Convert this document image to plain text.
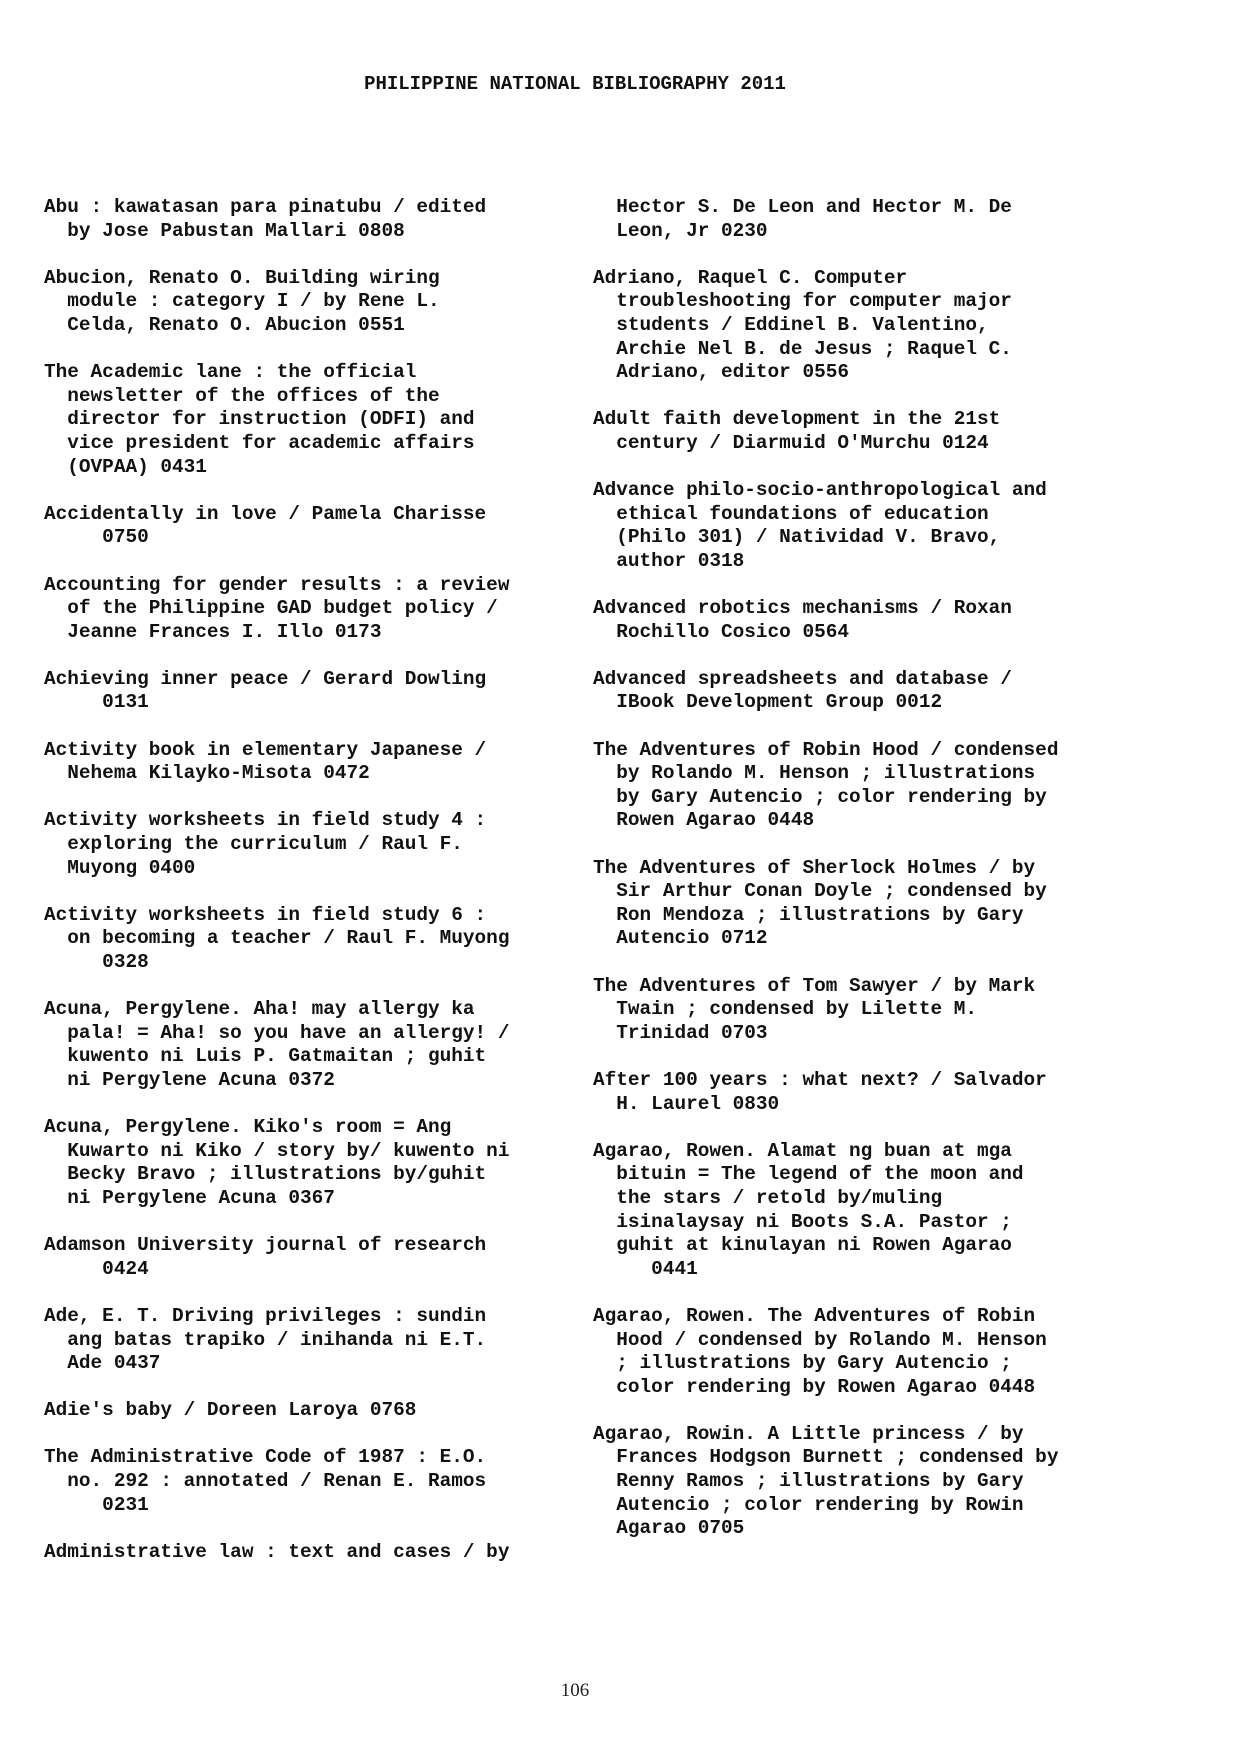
PHILIPPINE NATIONAL BIBLIOGRAPHY 2011
Abu : kawatasan para pinatubu / edited
by Jose Pabustan Mallari 0808
Abucion, Renato O. Building wiring
module : category I / by Rene L.
Celda, Renato O. Abucion 0551
The Academic lane : the official
newsletter of the offices of the
director for instruction (ODFI) and
vice president for academic affairs
(OVPAA) 0431
Accidentally in love / Pamela Charisse
0750
Accounting for gender results : a review
of the Philippine GAD budget policy /
Jeanne Frances I. Illo 0173
Achieving inner peace / Gerard Dowling
0131
Activity book in elementary Japanese /
Nehema Kilayko-Misota 0472
Activity worksheets in field study 4 :
exploring the curriculum / Raul F.
Muyong 0400
Activity worksheets in field study 6 :
on becoming a teacher / Raul F. Muyong
0328
Acuna, Pergylene. Aha! may allergy ka
pala! = Aha! so you have an allergy! /
kuwento ni Luis P. Gatmaitan ; guhit
ni Pergylene Acuna 0372
Acuna, Pergylene. Kiko's room = Ang
Kuwarto ni Kiko / story by/ kuwento ni
Becky Bravo ; illustrations by/guhit
ni Pergylene Acuna 0367
Adamson University journal of research
0424
Ade, E. T. Driving privileges : sundin
ang batas trapiko / inihanda ni E.T.
Ade 0437
Adie's baby / Doreen Laroya 0768
The Administrative Code of 1987 : E.O.
no. 292 : annotated / Renan E. Ramos
0231
Administrative law : text and cases / by
Hector S. De Leon and Hector M. De
Leon, Jr 0230
Adriano, Raquel C. Computer
troubleshooting for computer major
students / Eddinel B. Valentino,
Archie Nel B. de Jesus ; Raquel C.
Adriano, editor 0556
Adult faith development in the 21st
century / Diarmuid O'Murchu 0124
Advance philo-socio-anthropological and
ethical foundations of education
(Philo 301) / Natividad V. Bravo,
author 0318
Advanced robotics mechanisms / Roxan
Rochillo Cosico 0564
Advanced spreadsheets and database /
IBook Development Group 0012
The Adventures of Robin Hood / condensed
by Rolando M. Henson ; illustrations
by Gary Autencio ; color rendering by
Rowen Agarao 0448
The Adventures of Sherlock Holmes / by
Sir Arthur Conan Doyle ; condensed by
Ron Mendoza ; illustrations by Gary
Autencio 0712
The Adventures of Tom Sawyer / by Mark
Twain ; condensed by Lilette M.
Trinidad 0703
After 100 years : what next? / Salvador
H. Laurel 0830
Agarao, Rowen. Alamat ng buan at mga
bituin = The legend of the moon and
the stars / retold by/muling
isinalaysay ni Boots S.A. Pastor ;
guhit at kinulayan ni Rowen Agarao
0441
Agarao, Rowen. The Adventures of Robin
Hood / condensed by Rolando M. Henson
; illustrations by Gary Autencio ;
color rendering by Rowen Agarao 0448
Agarao, Rowin. A Little princess / by
Frances Hodgson Burnett ; condensed by
Renny Ramos ; illustrations by Gary
Autencio ; color rendering by Rowin
Agarao 0705
106
